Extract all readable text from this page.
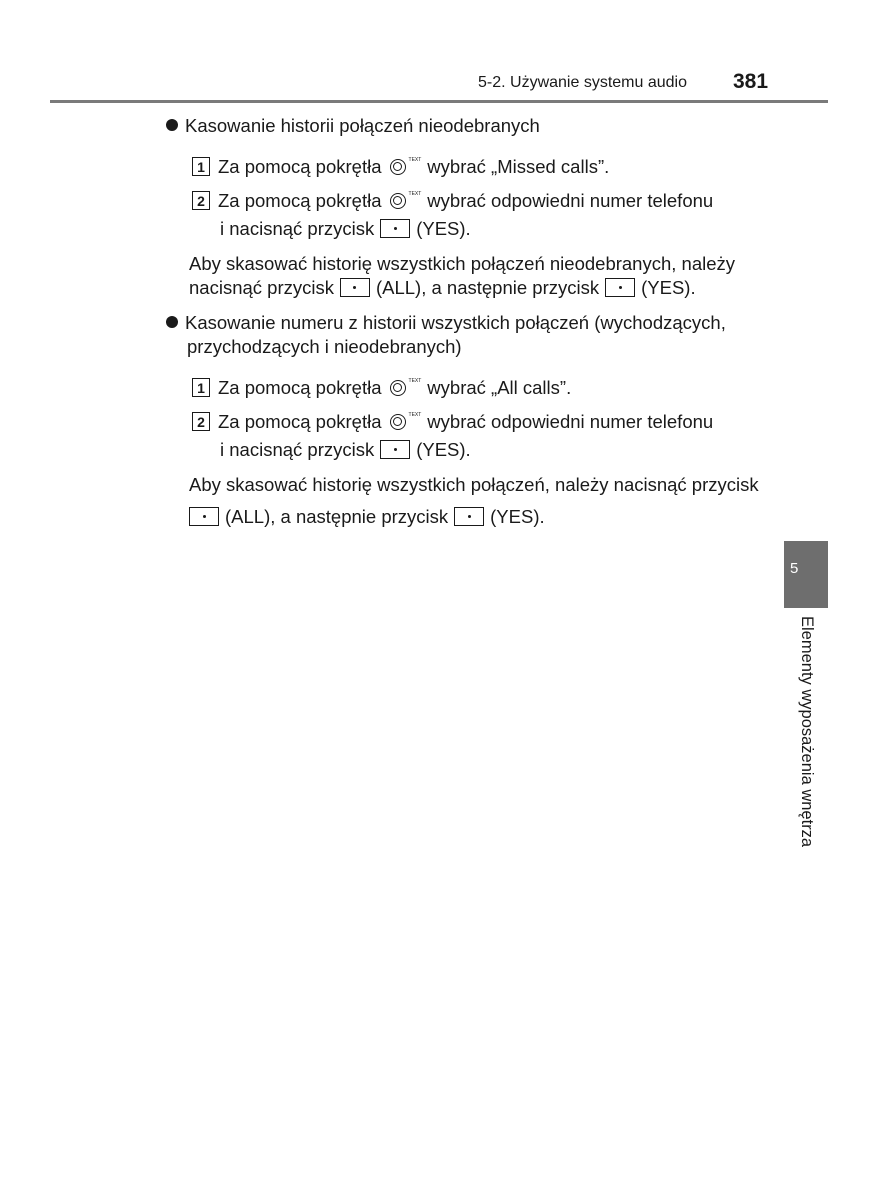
5-2. Używanie systemu audio 381
Kasowanie historii połączeń nieodebranych
1 Za pomocą pokrętła	TEXT wybrać „Missed calls”.
2 Za pomocą pokrętła	TEXT wybrać odpowiedni numer telefonu
i nacisnąć przycisk (YES).
Aby skasować historię wszystkich połączeń nieodebranych, należy
nacisnąć przycisk (ALL), a następnie przycisk (YES).
Kasowanie numeru z historii wszystkich połączeń (wychodzących,
przychodzących i nieodebranych)
1 Za pomocą pokrętła	TEXT wybrać „All calls”.
2 Za pomocą pokrętła	TEXT wybrać odpowiedni numer telefonu
i nacisnąć przycisk (YES).
Aby skasować historię wszystkich połączeń, należy nacisnąć przycisk
(ALL), a następnie przycisk (YES).
5
Elementy wyposażenia wnętrza
